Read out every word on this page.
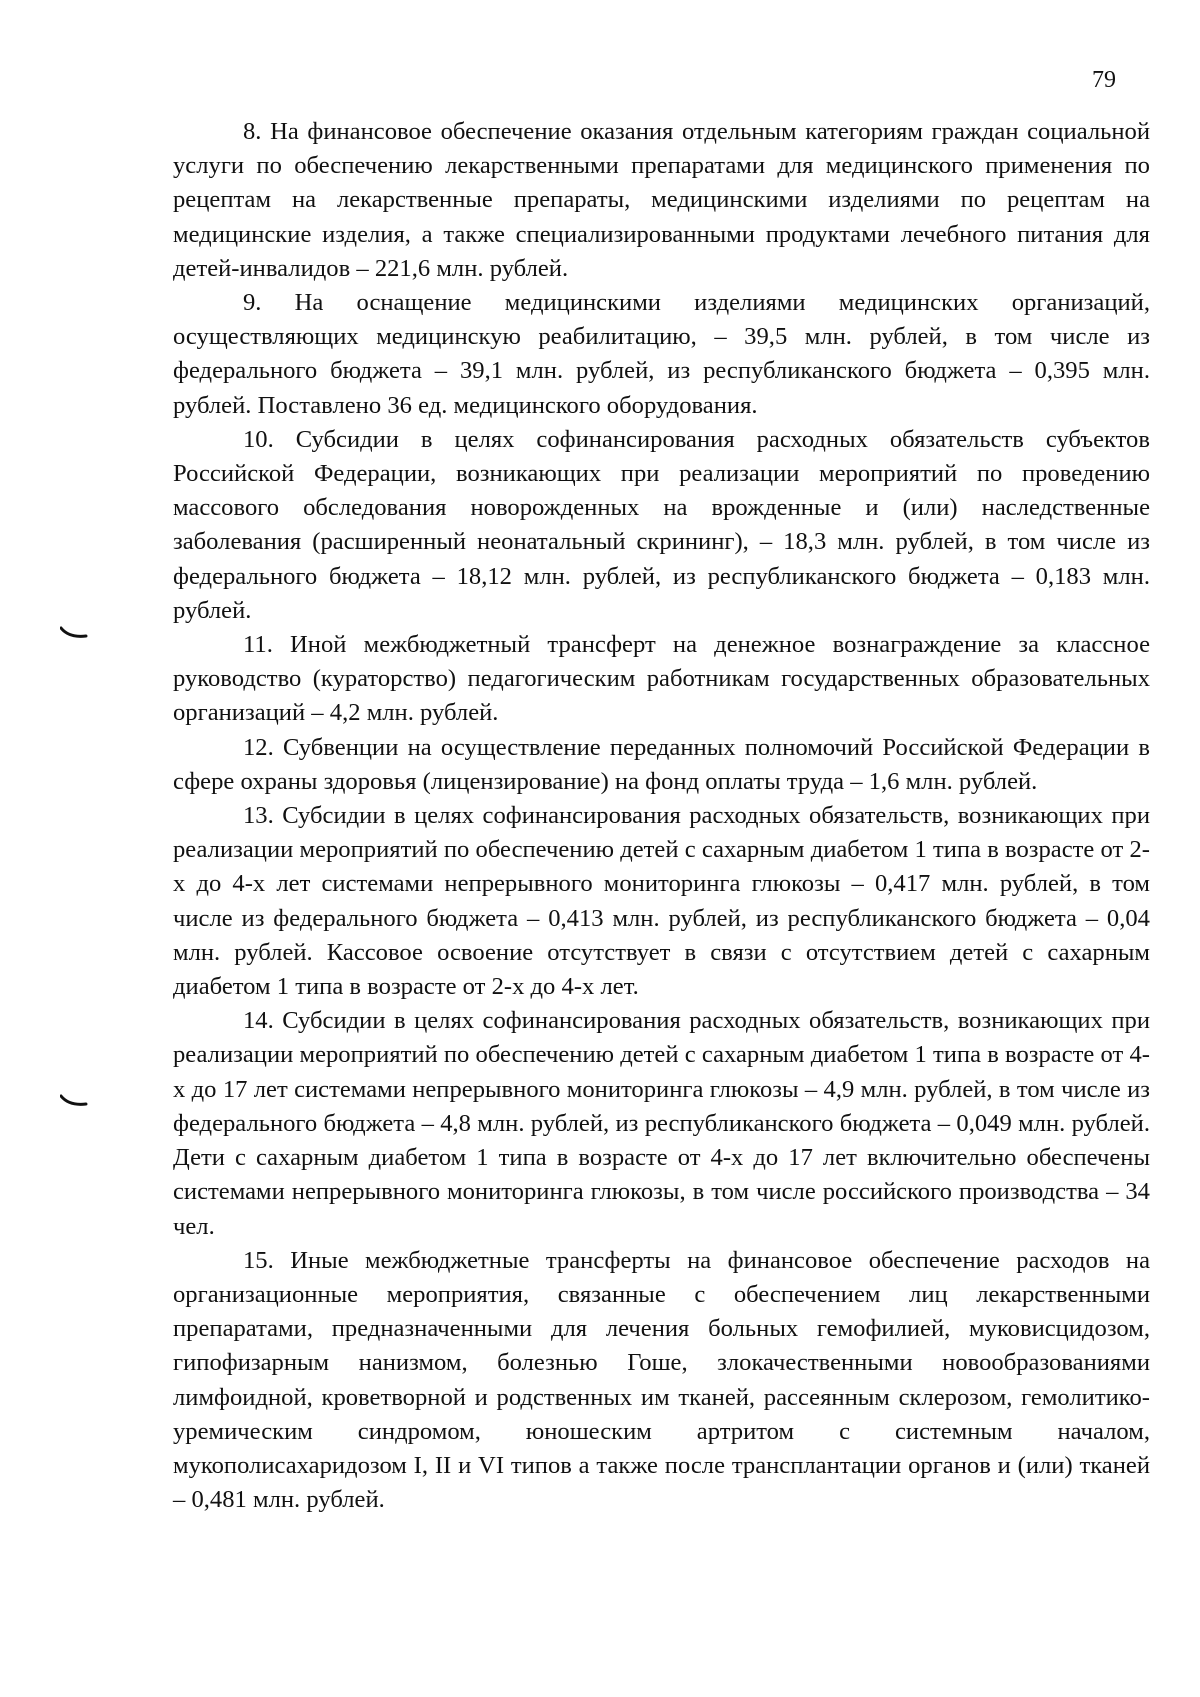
79

8. На финансовое обеспечение оказания отдельным категориям граждан социальной услуги по обеспечению лекарственными препаратами для медицинского применения по рецептам на лекарственные препараты, медицинскими изделиями по рецептам на медицинские изделия, а также специализированными продуктами лечебного питания для детей-инвалидов – 221,6 млн. рублей.

9. На оснащение медицинскими изделиями медицинских организаций, осуществляющих медицинскую реабилитацию, – 39,5 млн. рублей, в том числе из федерального бюджета – 39,1 млн. рублей, из республиканского бюджета – 0,395 млн. рублей. Поставлено 36 ед. медицинского оборудования.

10. Субсидии в целях софинансирования расходных обязательств субъектов Российской Федерации, возникающих при реализации мероприятий по проведению массового обследования новорожденных на врожденные и (или) наследственные заболевания (расширенный неонатальный скрининг), – 18,3 млн. рублей, в том числе из федерального бюджета – 18,12 млн. рублей, из республиканского бюджета – 0,183 млн. рублей.

11. Иной межбюджетный трансферт на денежное вознаграждение за классное руководство (кураторство) педагогическим работникам государственных образовательных организаций – 4,2 млн. рублей.

12. Субвенции на осуществление переданных полномочий Российской Федерации в сфере охраны здоровья (лицензирование) на фонд оплаты труда – 1,6 млн. рублей.

13. Субсидии в целях софинансирования расходных обязательств, возникающих при реализации мероприятий по обеспечению детей с сахарным диабетом 1 типа в возрасте от 2-х до 4-х лет системами непрерывного мониторинга глюкозы – 0,417 млн. рублей, в том числе из федерального бюджета – 0,413 млн. рублей, из республиканского бюджета – 0,04 млн. рублей. Кассовое освоение отсутствует в связи с отсутствием детей с сахарным диабетом 1 типа в возрасте от 2-х до 4-х лет.

14. Субсидии в целях софинансирования расходных обязательств, возникающих при реализации мероприятий по обеспечению детей с сахарным диабетом 1 типа в возрасте от 4-х до 17 лет системами непрерывного мониторинга глюкозы – 4,9 млн. рублей, в том числе из федерального бюджета – 4,8 млн. рублей, из республиканского бюджета – 0,049 млн. рублей. Дети с сахарным диабетом 1 типа в возрасте от 4-х до 17 лет включительно обеспечены системами непрерывного мониторинга глюкозы, в том числе российского производства – 34 чел.

15. Иные межбюджетные трансферты на финансовое обеспечение расходов на организационные мероприятия, связанные с обеспечением лиц лекарственными препаратами, предназначенными для лечения больных гемофилией, муковисцидозом, гипофизарным нанизмом, болезнью Гоше, злокачественными новообразованиями лимфоидной, кроветворной и родственных им тканей, рассеянным склерозом, гемолитико-уремическим синдромом, юношеским артритом с системным началом, мукополисахаридозом I, II и VI типов а также после трансплантации органов и (или) тканей – 0,481 млн. рублей.
